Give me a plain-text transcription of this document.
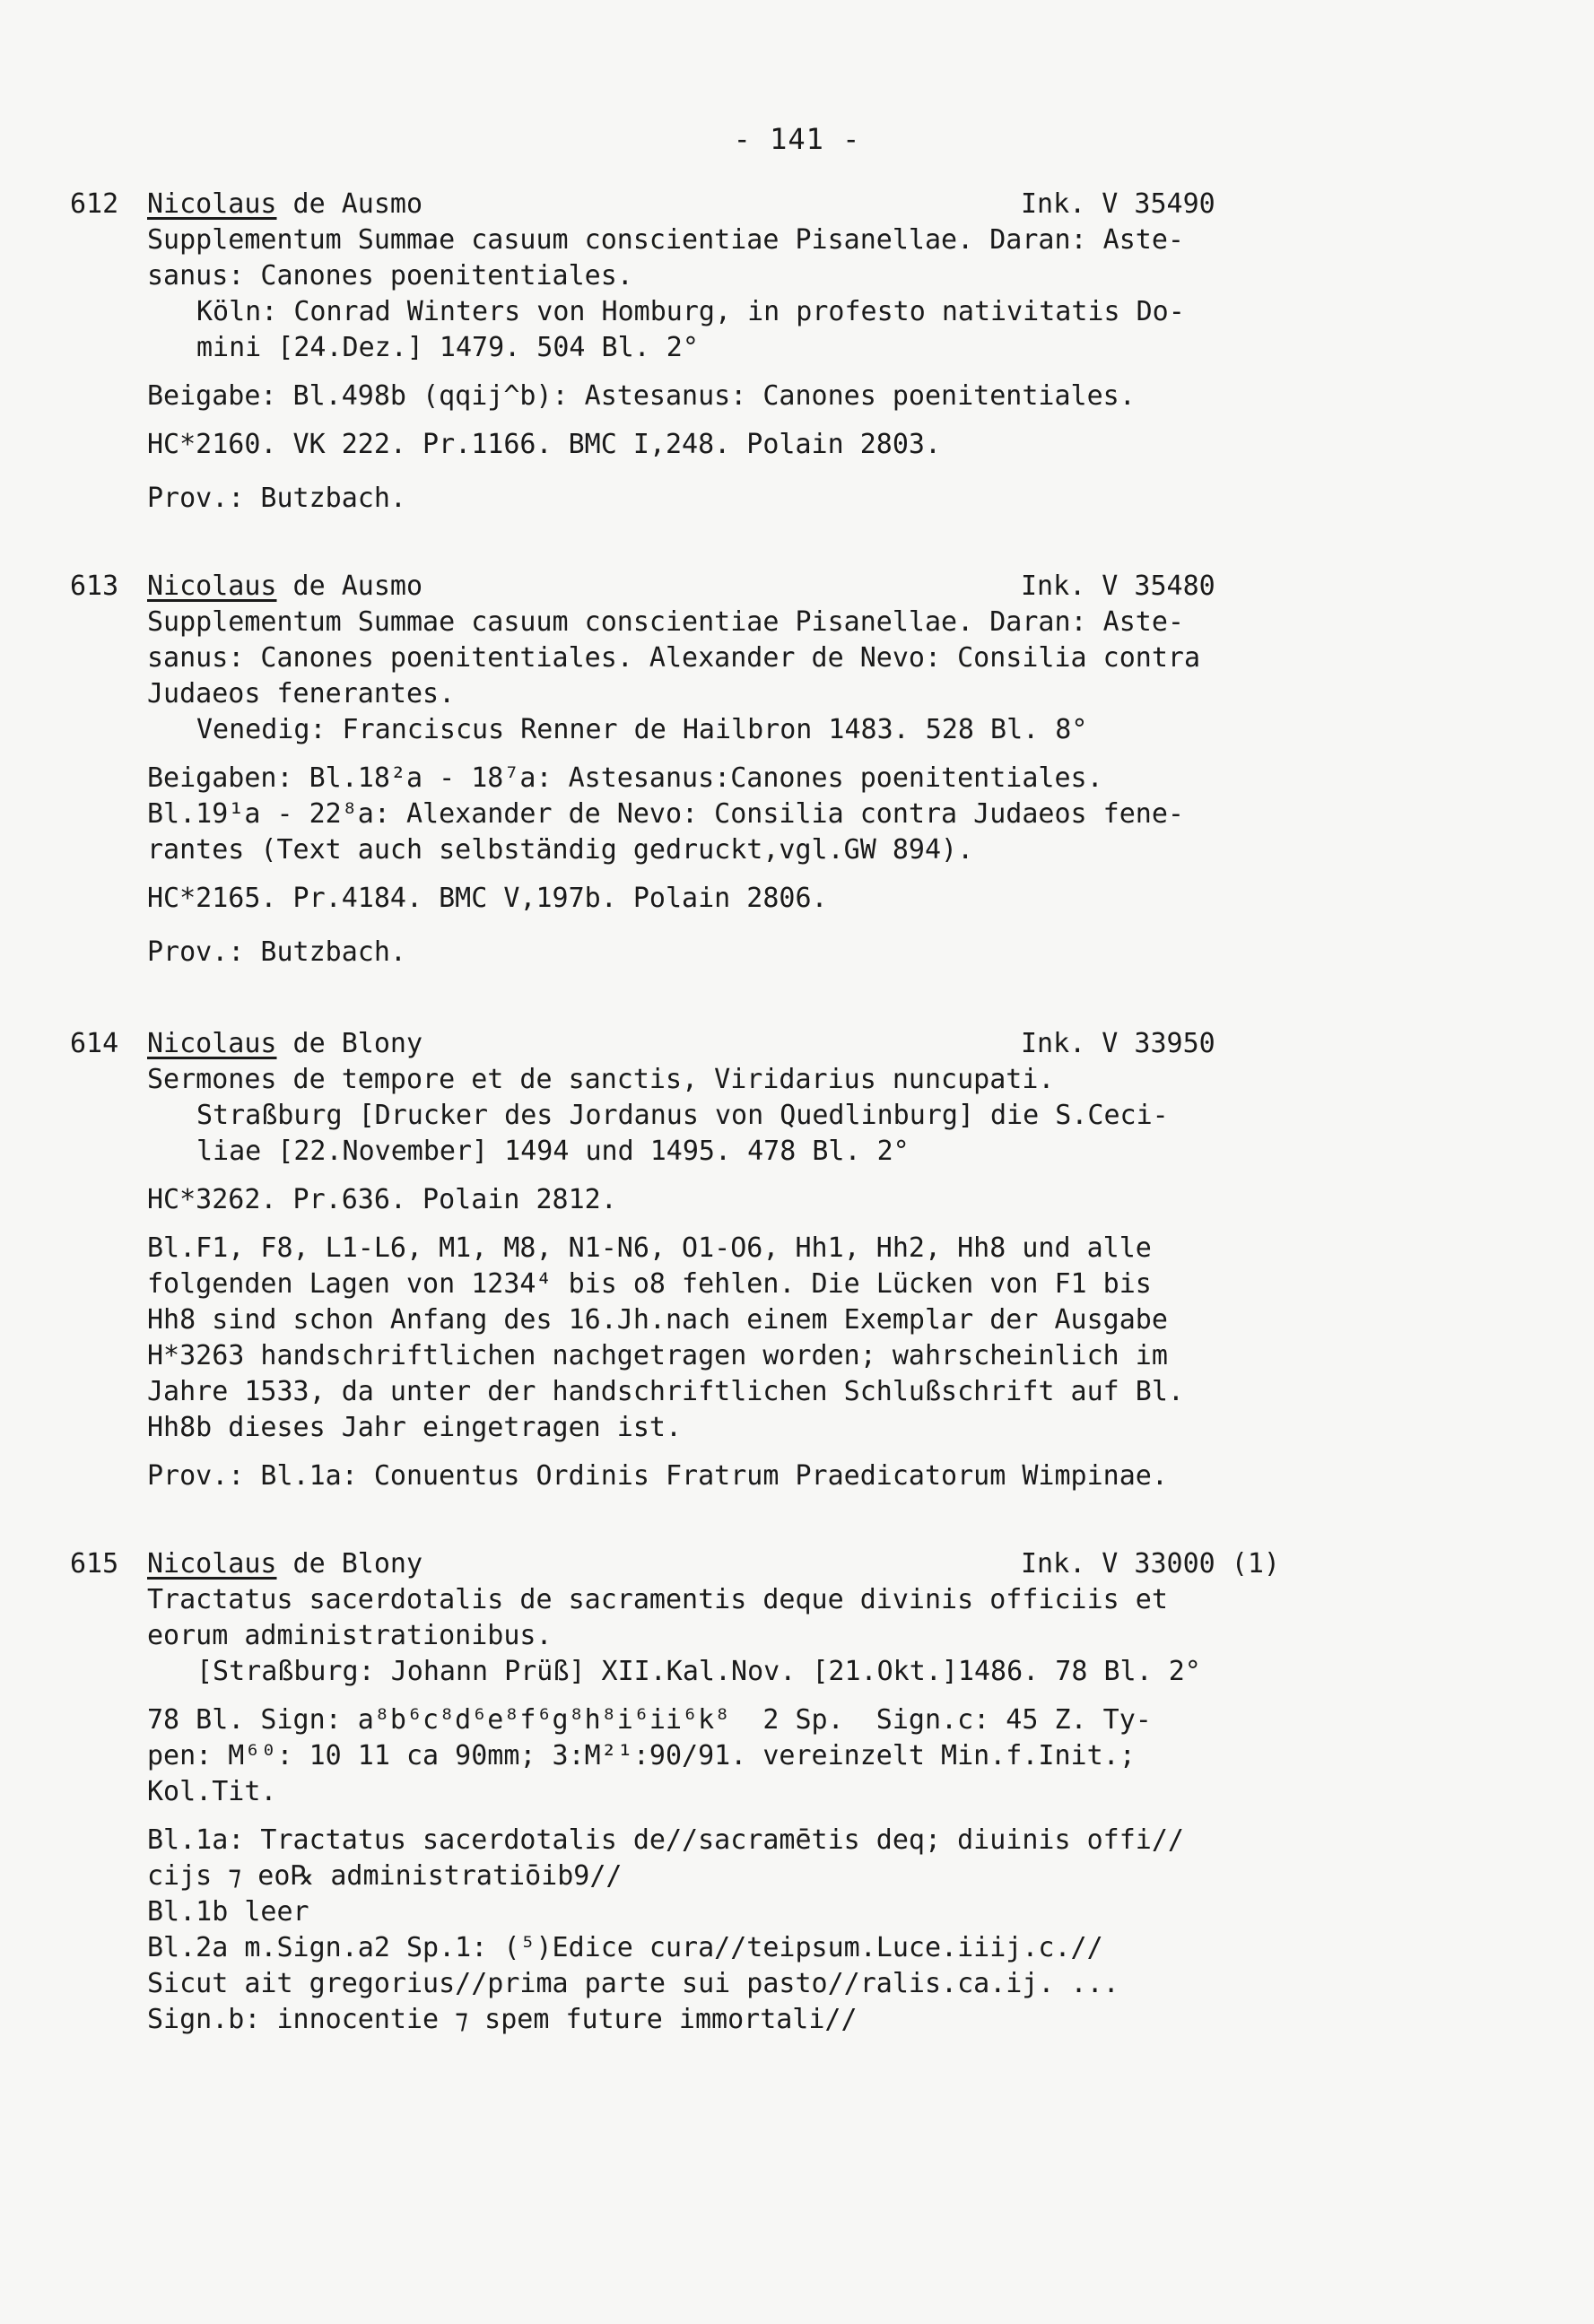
- 141 -

612

Nicolaus de Ausmo

	Ink. V 35490

Supplementum Summae casuum conscientiae Pisanellae. Daran: Aste-
sanus: Canones poenitentiales.
Köln: Conrad Winters von Homburg, in profesto nativitatis Do-
mini [24.Dez.] 1479. 504 Bl. 2°
Beigabe: Bl.498b (qqij^b): Astesanus: Canones poenitentiales.
HC*2160. VK 222. Pr.1166. BMC I,248. Polain 2803.
Prov.: Butzbach.

613

Nicolaus de Ausmo

	Ink. V 35480

Supplementum Summae casuum conscientiae Pisanellae. Daran: Aste-
sanus: Canones poenitentiales. Alexander de Nevo: Consilia contra
Judaeos fenerantes.
Venedig: Franciscus Renner de Hailbron 1483. 528 Bl. 8°
Beigaben: Bl.18²a - 18⁷a: Astesanus:Canones poenitentiales.
Bl.19¹a - 22⁸a: Alexander de Nevo: Consilia contra Judaeos fene-
rantes (Text auch selbständig gedruckt,vgl.GW 894).
HC*2165. Pr.4184. BMC V,197b. Polain 2806.
Prov.: Butzbach.

614

Nicolaus de Blony

	Ink. V 33950

Sermones de tempore et de sanctis, Viridarius nuncupati.
Straßburg [Drucker des Jordanus von Quedlinburg] die S.Ceci-
liae [22.November] 1494 und 1495. 478 Bl. 2°
HC*3262. Pr.636. Polain 2812.
Bl.F1, F8, L1-L6, M1, M8, N1-N6, O1-O6, Hh1, Hh2, Hh8 und alle
folgenden Lagen von 1234⁴ bis o8 fehlen. Die Lücken von F1 bis
Hh8 sind schon Anfang des 16.Jh.nach einem Exemplar der Ausgabe
H*3263 handschriftlichen nachgetragen worden; wahrscheinlich im
Jahre 1533, da unter der handschriftlichen Schlußschrift auf Bl.
Hh8b dieses Jahr eingetragen ist.
Prov.: Bl.1a: Conuentus Ordinis Fratrum Praedicatorum Wimpinae.

615

Nicolaus de Blony

	Ink. V 33000 (1)

Tractatus sacerdotalis de sacramentis deque divinis officiis et
eorum administrationibus.
[Straßburg: Johann Prüß] XII.Kal.Nov. [21.Okt.]1486. 78 Bl. 2°
78 Bl. Sign: a⁸b⁶c⁸d⁶e⁸f⁶g⁸h⁸i⁶ii⁶k⁸  2 Sp.  Sign.c: 45 Z. Ty-
pen: M⁶⁰: 10 11 ca 90mm; 3:M²¹:90/91. vereinzelt Min.f.Init.;
Kol.Tit.
Bl.1a: Tractatus sacerdotalis de//sacramētis deq; diuinis offi//
cijs ⁊ eo℞ administratiōib9//
Bl.1b leer
Bl.2a m.Sign.a2 Sp.1: (⁵)Edice cura//teipsum.Luce.iiij.c.//
Sicut ait gregorius//prima parte sui pasto//ralis.ca.ij. ...
Sign.b: innocentie ⁊ spem future immortali//
